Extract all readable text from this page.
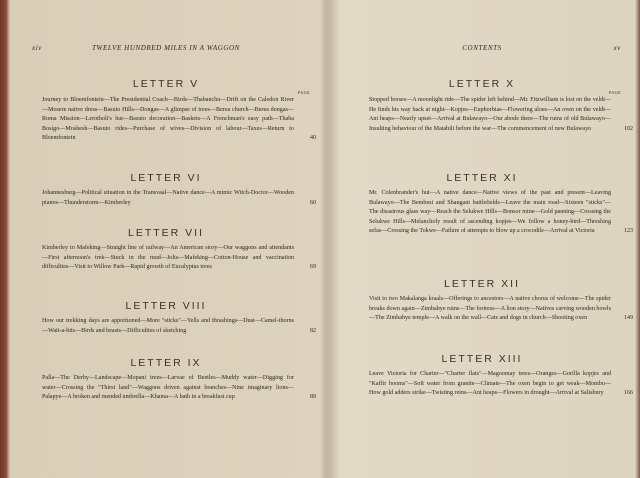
xiv	TWELVE HUNDRED MILES IN A WAGGON
PAGE
LETTER V
Journey to Bloemfontein—The Presidential Coach—Birds—Thabanchu—Drift on the Caledon River—Mosere native dress—Basuto Hills—Dongas—A glimpse of trees—Berea church—Berea dongas—Roma Mission—Lerotholi's hut—Basuto decoration—Baskets—A Frenchman's easy path—Thaba Bosigo—Moshesh—Basuto rides—Purchase of wives—Division of labour—Taxes—Return to Bloemfontein	40
LETTER VI
Johannesburg—Political situation in the Transvaal—Native dance—A mimic Witch-Doctor—Wooden pianos—Thunderstorm—Kimberley	60
LETTER VII
Kimberley to Mafeking—Straight line of railway—An American story—Our waggons and attendants—First afternoon's trek—Stuck in the mud—Jolts—Mafeking—Cotton-House and vaccination difficulties—Visit to Willow Park—Rapid growth of Eucalyptus trees	69
LETTER VIII
How our trekking days are apportioned—More "sticks"—Yells and thrashings—Dust—Camel-thorns—Wait-a-bits—Birds and beasts—Difficulties of sketching	82
LETTER IX
Palla—The Derby—Landscape—Mopani trees—Larvae of Beetles—Muddy water—Digging for water—Crossing the "Thirst land"—Waggons driven against branches—Nine imaginary lions—Palapye—A broken and mended umbrella—Khama—A bath in a breakfast cup	89
CONTENTS	xv
PAGE
LETTER X
Stopped horses—A moonlight ride—The spider left behind—Mr. Fitzwilliam is lost on the veldt—He finds his way back at night—Kopjes—Euphorbias—Flowering aloes—An oven on the veldt—Ant heaps—Nearly upset—Arrival at Bulawayo—Our abode there—The ruins of old Bulawayo—Insulting behaviour of the Matabili before the war—The commencement of new Bulawayo	102
LETTER XI
Mr. Colenbrander's hut—A native dance—Native views of the past and present—Leaving Bulawayo—The Bembesi and Shangani battlefields—Leave the main road—Sixteen "sticks"—The disastrous glass way—Reach the Selukwe Hills—Bonsor mine—Gold panning—Crossing the Selukwe Hills—Melancholy result of ascending kopjes—We follow a honey-bird—Threshing sefas—Crossing the Tokwe—Failure of attempts to blow up a crocodile—Arrival at Victoria	123
LETTER XII
Visit to two Makalanga kraals—Offerings to ancestors—A native chorus of welcome—The spider breaks down again—Zimbabye ruins—The fortress—A lion story—Natives carving wooden bowls—The Zimbabye temple—A walk on the wall—Cats and dogs in church—Shooting oxen	149
LETTER XIII
Leave Victoria for Charter—"Charter flats"—Magoomay trees—Oranges—Gorilla kopjes and "Kaffir booms"—Soft water from granite—Climate—The oxen begin to get weak—Mombu—How gold adders strike—Twisting reins—Ant heaps—Flowers in drought—Arrival at Salisbury	166
